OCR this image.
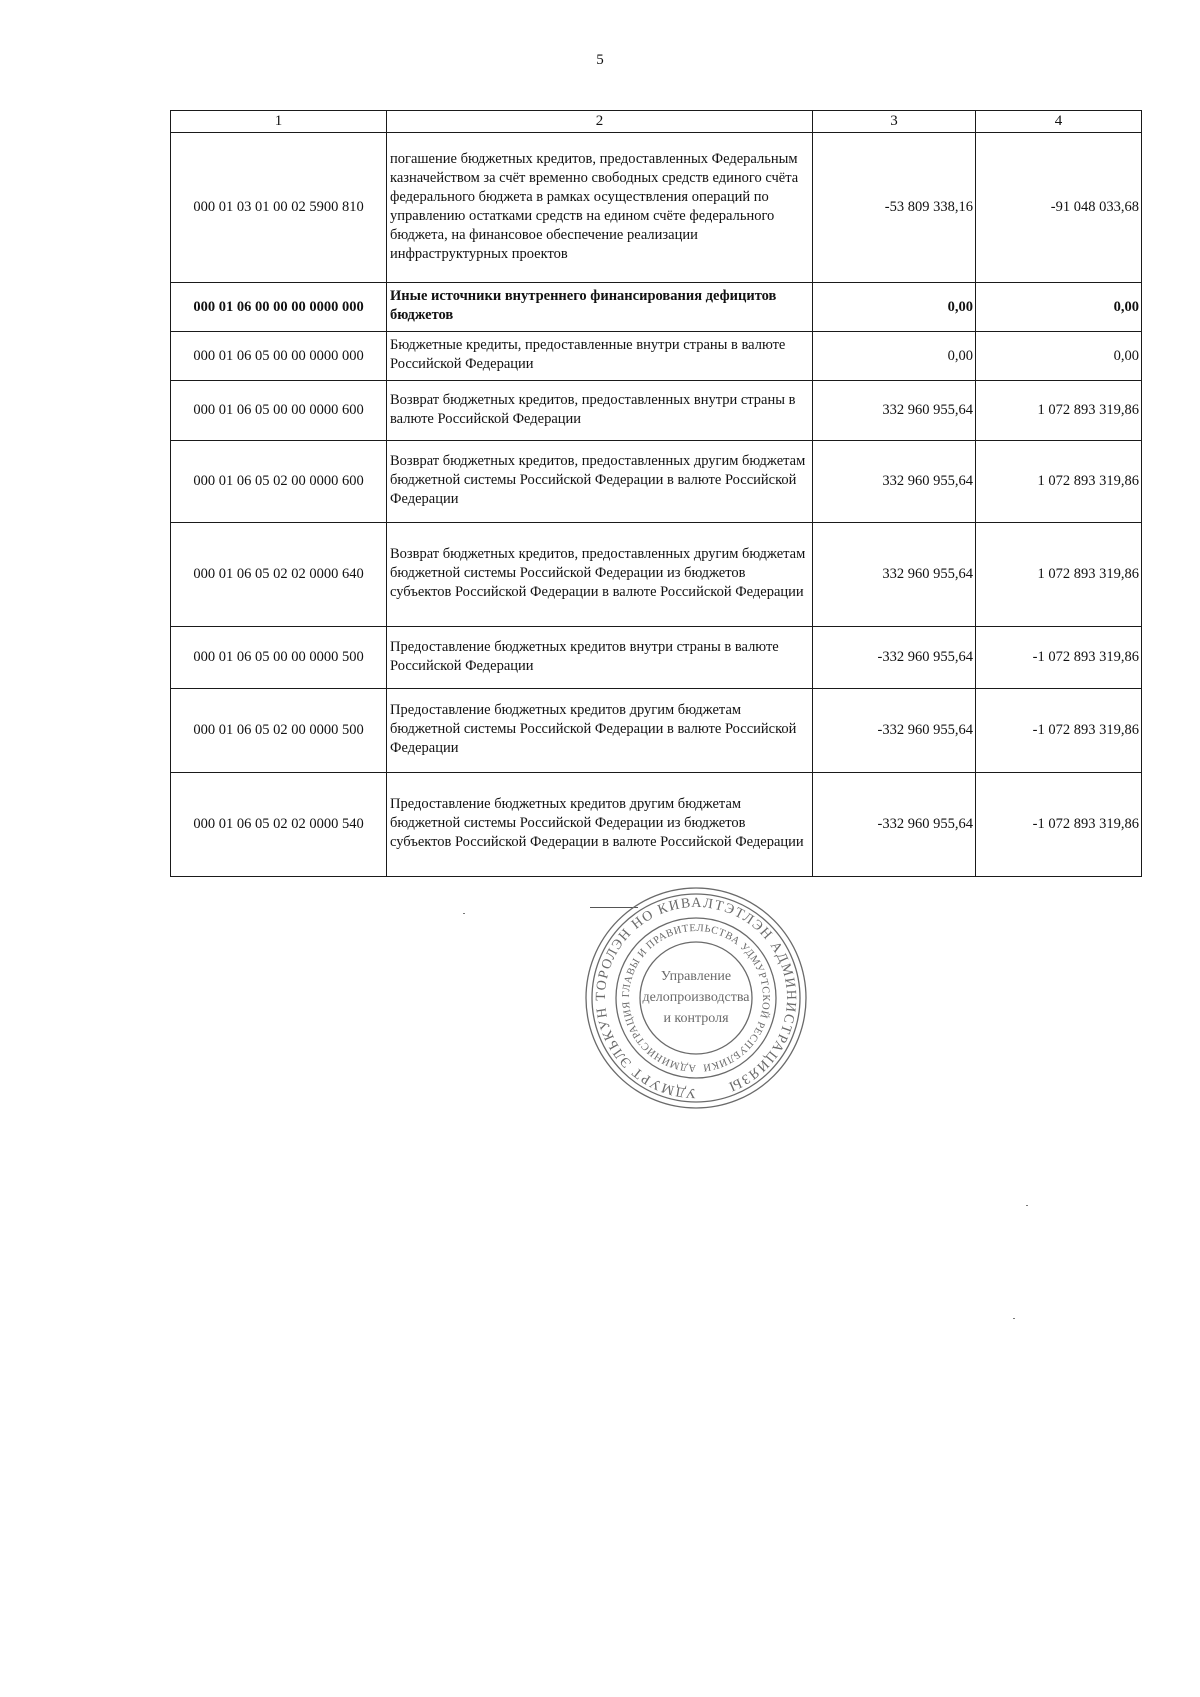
5
1	2	3	4
000 01 03 01 00 02 5900 810	погашение бюджетных кредитов, предоставленных Федеральным казначейством за счёт временно свободных средств единого счёта федерального бюджета в рамках осуществления операций по управлению остатками средств на едином счёте федерального бюджета, на финансовое обеспечение реализации инфраструктурных проектов	-53 809 338,16	-91 048 033,68
000 01 06 00 00 00 0000 000	Иные источники внутреннего финансирования дефицитов бюджетов	0,00	0,00
000 01 06 05 00 00 0000 000	Бюджетные кредиты, предоставленные внутри страны в валюте Российской Федерации	0,00	0,00
000 01 06 05 00 00 0000 600	Возврат бюджетных кредитов, предоставленных внутри страны в валюте Российской Федерации	332 960 955,64	1 072 893 319,86
000 01 06 05 02 00 0000 600	Возврат бюджетных кредитов, предоставленных другим бюджетам бюджетной системы Российской Федерации в валюте Российской Федерации	332 960 955,64	1 072 893 319,86
000 01 06 05 02 02 0000 640	Возврат бюджетных кредитов, предоставленных другим бюджетам бюджетной системы Российской Федерации из бюджетов субъектов Российской Федерации в валюте Российской Федерации	332 960 955,64	1 072 893 319,86
000 01 06 05 00 00 0000 500	Предоставление бюджетных кредитов внутри страны в валюте Российской Федерации	-332 960 955,64	-1 072 893 319,86
000 01 06 05 02 00 0000 500	Предоставление бюджетных кредитов другим бюджетам бюджетной системы Российской Федерации в валюте Российской Федерации	-332 960 955,64	-1 072 893 319,86
000 01 06 05 02 02 0000 540	Предоставление бюджетных кредитов другим бюджетам бюджетной системы Российской Федерации из бюджетов субъектов Российской Федерации в валюте Российской Федерации	-332 960 955,64	-1 072 893 319,86
УДМУРТ ЭЛЬКУН ТОРОЛЭН НО КИВАЛТЭТЛЭН АДМИНИСТРАЦИЯЗЫ
АДМИНИСТРАЦИЯ ГЛАВЫ И ПРАВИТЕЛЬСТВА УДМУРТСКОЙ РЕСПУБЛИКИ
Управление
делопроизводства
и контроля
